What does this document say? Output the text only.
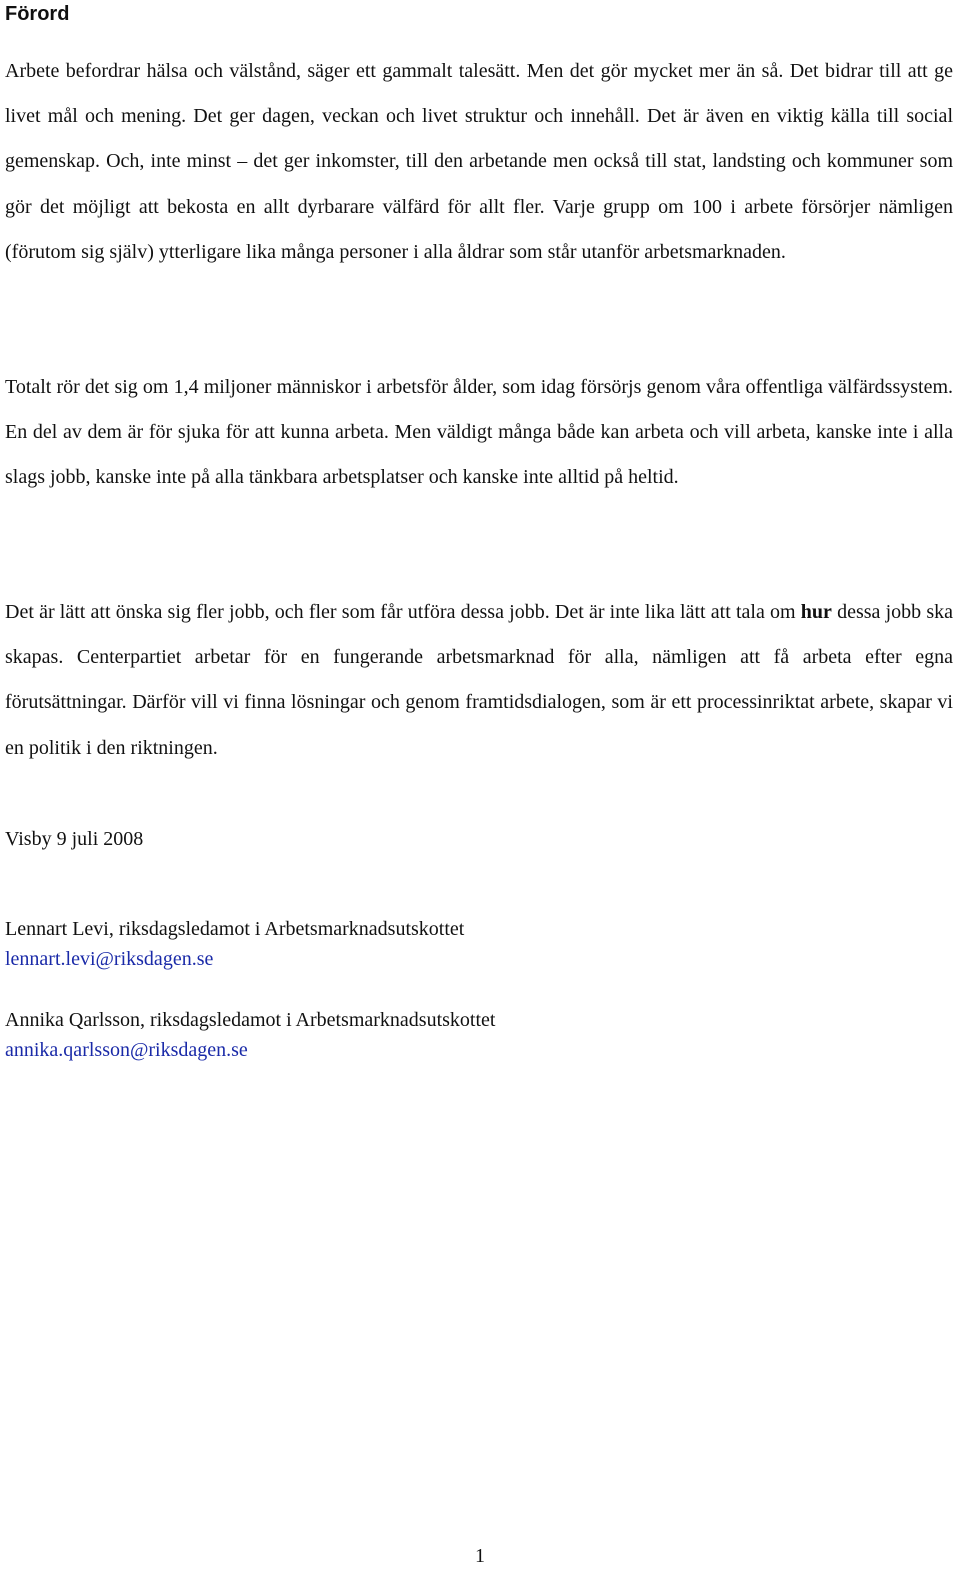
Förord

Arbete befordrar hälsa och välstånd, säger ett gammalt talesätt. Men det gör mycket mer än så. Det bidrar till att ge livet mål och mening. Det ger dagen, veckan och livet struktur och innehåll. Det är även en viktig källa till social gemenskap. Och, inte minst – det ger inkomster, till den arbetande men också till stat, landsting och kommuner som gör det möjligt att bekosta en allt dyrbarare välfärd för allt fler. Varje grupp om 100 i arbete försörjer nämligen (förutom sig själv) ytterligare lika många personer i alla åldrar som står utanför arbetsmarknaden.

Totalt rör det sig om 1,4 miljoner människor i arbetsför ålder, som idag försörjs genom våra offentliga välfärdssystem. En del av dem är för sjuka för att kunna arbeta. Men väldigt många både kan arbeta och vill arbeta, kanske inte i alla slags jobb, kanske inte på alla tänkbara arbetsplatser och kanske inte alltid på heltid.

Det är lätt att önska sig fler jobb, och fler som får utföra dessa jobb. Det är inte lika lätt att tala om hur dessa jobb ska skapas. Centerpartiet arbetar för en fungerande arbetsmarknad för alla, nämligen att få arbeta efter egna förutsättningar. Därför vill vi finna lösningar och genom framtidsdialogen, som är ett processinriktat arbete, skapar vi en politik i den riktningen.

Visby 9 juli 2008

Lennart Levi, riksdagsledamot i Arbetsmarknadsutskottet
lennart.levi@riksdagen.se
Annika Qarlsson, riksdagsledamot i Arbetsmarknadsutskottet
annika.qarlsson@riksdagen.se

1
